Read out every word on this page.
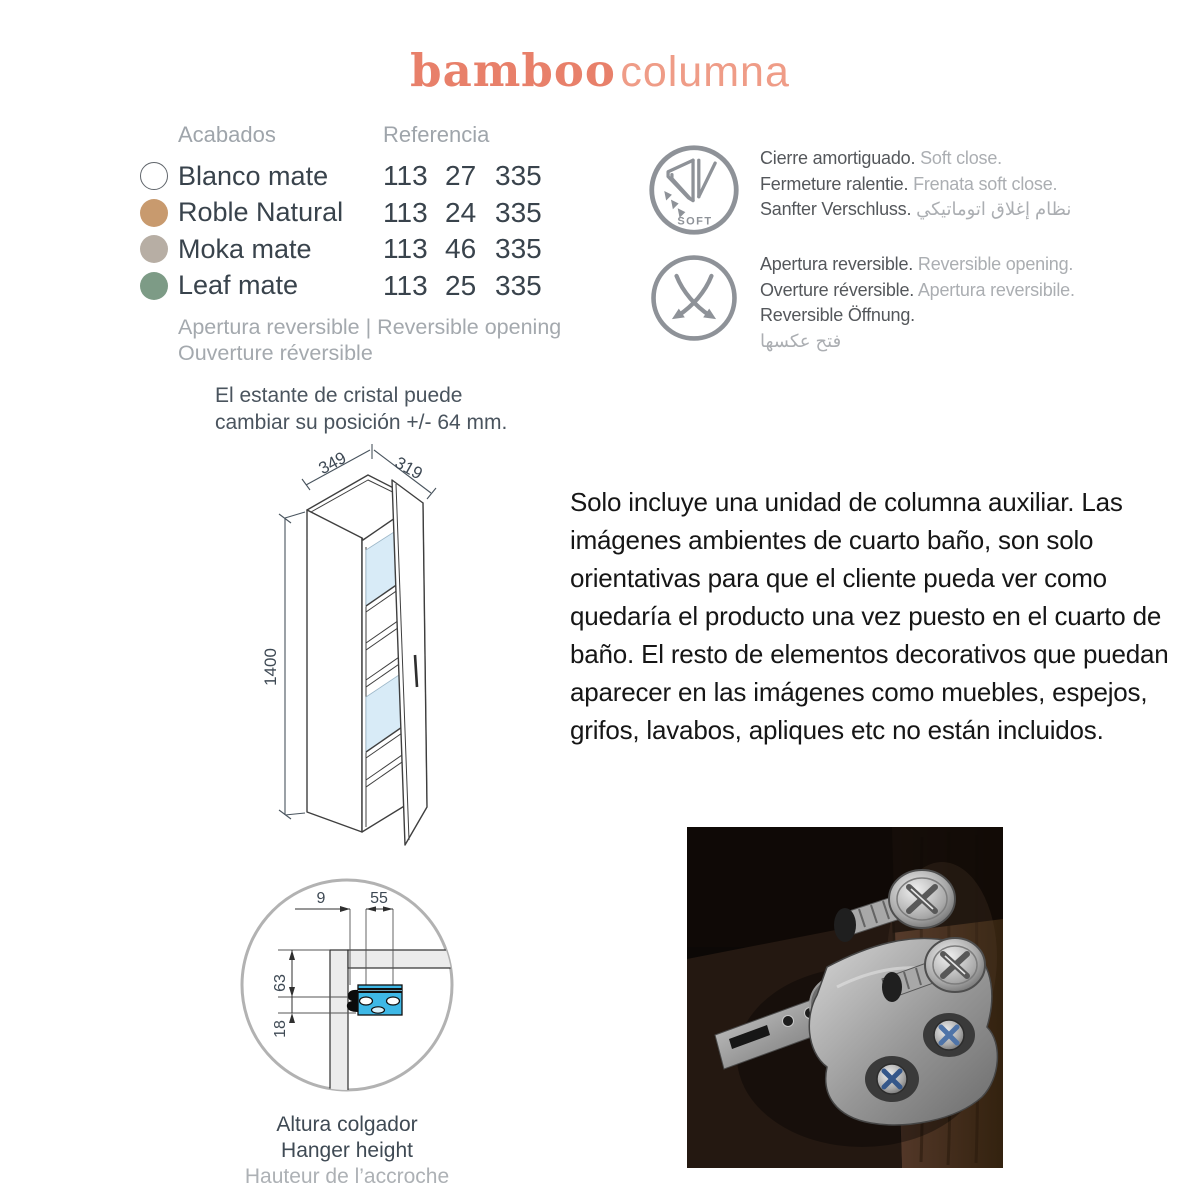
bamboo columna
Acabados	Referencia
Blanco mate	113 27 335
Roble Natural	113 24 335
Moka mate	113 46 335
Leaf mate	113 25 335
Apertura reversible | Reversible opening
Ouverture réversible
SOFT
Cierre amortiguado. Soft close.
Fermeture ralentie. Frenata soft close.
Sanfter Verschluss. نظام إغلاق اتوماتيكي
Apertura reversible. Reversible opening. Overture réversible. Apertura reversibile. Reversible Öffnung.
فتح عكسها
El estante de cristal puede
cambiar su posición +/- 64 mm.
349 319
1400
Solo incluye una unidad de columna auxiliar. Las imágenes ambientes de cuarto baño, son solo orientativas para que el cliente pueda ver como quedaría el producto una vez puesto en el cuarto de baño. El resto de elementos decorativos que puedan aparecer en las imágenes como muebles, espejos, grifos, lavabos, apliques etc no están incluidos.
9	55
63
18
Altura colgador
Hanger height
Hauteur de l’accroche
